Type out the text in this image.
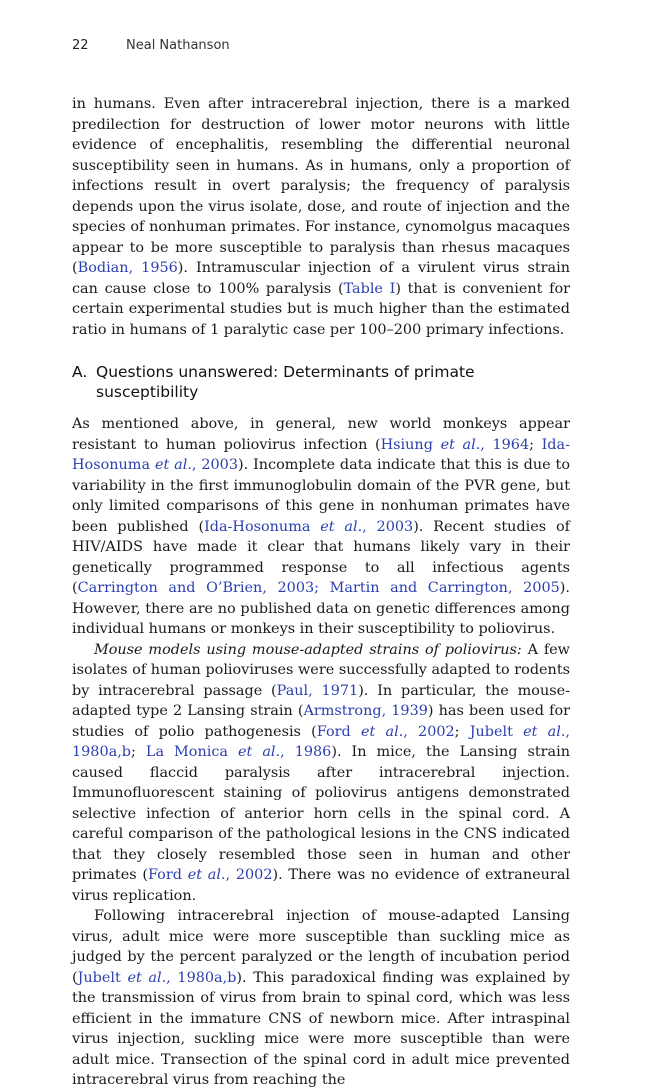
22	Neal Nathanson

in humans. Even after intracerebral injection, there is a marked predilection for destruction of lower motor neurons with little evidence of encephalitis, resembling the differential neuronal susceptibility seen in humans. As in humans, only a proportion of infections result in overt paralysis; the frequency of paralysis depends upon the virus isolate, dose, and route of injection and the species of nonhuman primates. For instance, cynomolgus macaques appear to be more susceptible to paralysis than rhesus macaques (Bodian, 1956). Intramuscular injection of a virulent virus strain can cause close to 100% paralysis (Table I) that is convenient for certain experimental studies but is much higher than the estimated ratio in humans of 1 paralytic case per 100–200 primary infections.

A. Questions unanswered: Determinants of primate susceptibility

As mentioned above, in general, new world monkeys appear resistant to human poliovirus infection (Hsiung et al., 1964; Ida-Hosonuma et al., 2003). Incomplete data indicate that this is due to variability in the first immunoglobulin domain of the PVR gene, but only limited comparisons of this gene in nonhuman primates have been published (Ida-Hosonuma et al., 2003). Recent studies of HIV/AIDS have made it clear that humans likely vary in their genetically programmed response to all infectious agents (Carrington and O’Brien, 2003; Martin and Carrington, 2005). However, there are no published data on genetic differences among individual humans or monkeys in their susceptibility to poliovirus.

Mouse models using mouse-adapted strains of poliovirus: A few isolates of human polioviruses were successfully adapted to rodents by intracerebral passage (Paul, 1971). In particular, the mouse-adapted type 2 Lansing strain (Armstrong, 1939) has been used for studies of polio pathogenesis (Ford et al., 2002; Jubelt et al., 1980a,b; La Monica et al., 1986). In mice, the Lansing strain caused flaccid paralysis after intracerebral injection. Immunofluorescent staining of poliovirus antigens demonstrated selective infection of anterior horn cells in the spinal cord. A careful comparison of the pathological lesions in the CNS indicated that they closely resembled those seen in human and other primates (Ford et al., 2002). There was no evidence of extraneural virus replication.

Following intracerebral injection of mouse-adapted Lansing virus, adult mice were more susceptible than suckling mice as judged by the percent paralyzed or the length of incubation period (Jubelt et al., 1980a,b). This paradoxical finding was explained by the transmission of virus from brain to spinal cord, which was less efficient in the immature CNS of newborn mice. After intraspinal virus injection, suckling mice were more susceptible than were adult mice. Transection of the spinal cord in adult mice prevented intracerebral virus from reaching the
